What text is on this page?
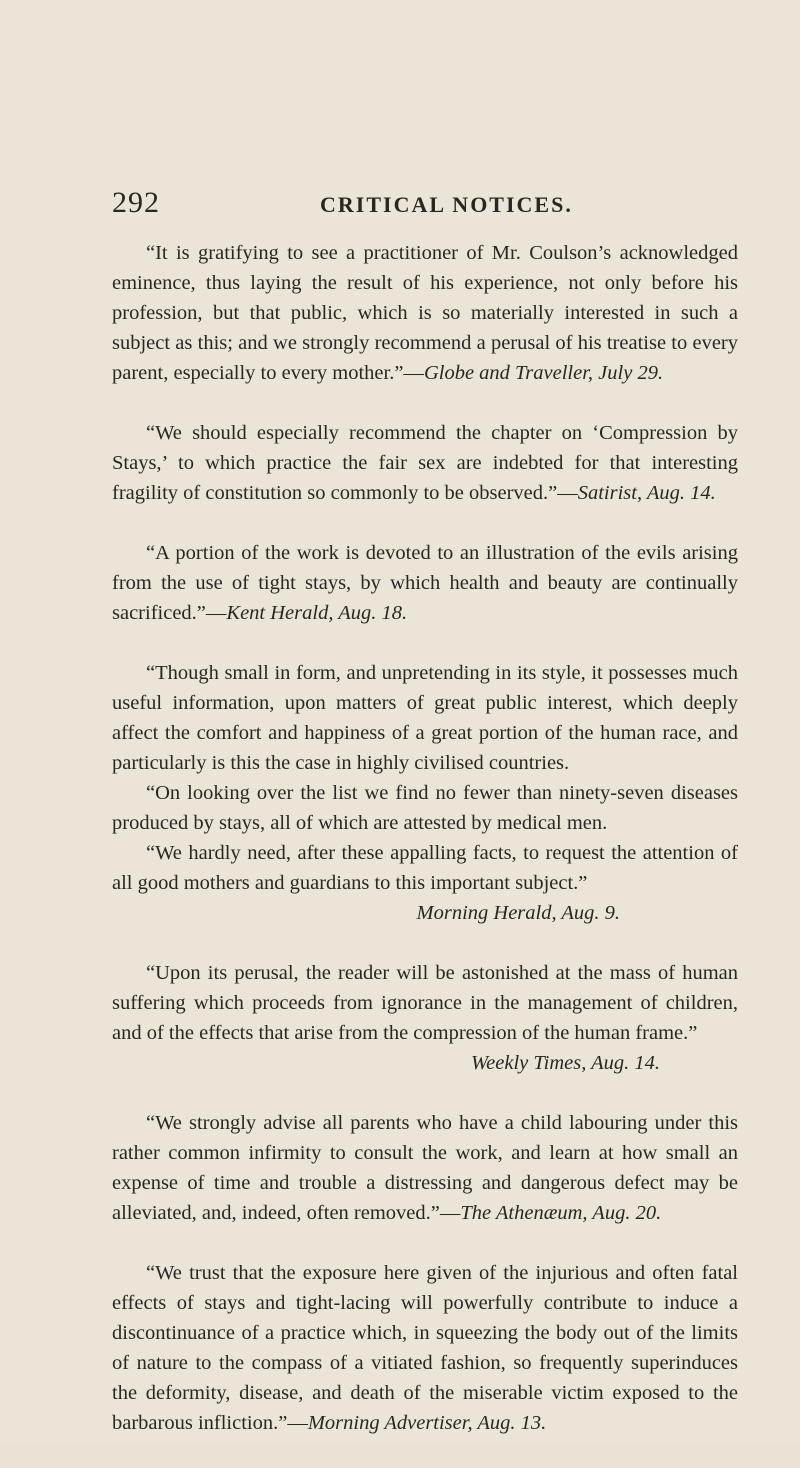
292	CRITICAL NOTICES.

“It is gratifying to see a practitioner of Mr. Coulson’s acknowledged eminence, thus laying the result of his experience, not only before his profession, but that public, which is so materially interested in such a subject as this; and we strongly recommend a perusal of his treatise to every parent, especially to every mother.”—Globe and Traveller, July 29.

“We should especially recommend the chapter on ‘Compression by Stays,’ to which practice the fair sex are indebted for that interesting fragility of constitution so commonly to be observed.”—Satirist, Aug. 14.

“A portion of the work is devoted to an illustration of the evils arising from the use of tight stays, by which health and beauty are continually sacrificed.”—Kent Herald, Aug. 18.

“Though small in form, and unpretending in its style, it possesses much useful information, upon matters of great public interest, which deeply affect the comfort and happiness of a great portion of the human race, and particularly is this the case in highly civilised countries.

“On looking over the list we find no fewer than ninety-seven diseases produced by stays, all of which are attested by medical men.

“We hardly need, after these appalling facts, to request the attention of all good mothers and guardians to this important subject.”

Morning Herald, Aug. 9.

“Upon its perusal, the reader will be astonished at the mass of human suffering which proceeds from ignorance in the management of children, and of the effects that arise from the compression of the human frame.”

Weekly Times, Aug. 14.

“We strongly advise all parents who have a child labouring under this rather common infirmity to consult the work, and learn at how small an expense of time and trouble a distressing and dangerous defect may be alleviated, and, indeed, often removed.”—The Athenæum, Aug. 20.

“We trust that the exposure here given of the injurious and often fatal effects of stays and tight-lacing will powerfully contribute to induce a discontinuance of a practice which, in squeezing the body out of the limits of nature to the compass of a vitiated fashion, so frequently superinduces the deformity, disease, and death of the miserable victim exposed to the barbarous infliction.”—Morning Advertiser, Aug. 13.
